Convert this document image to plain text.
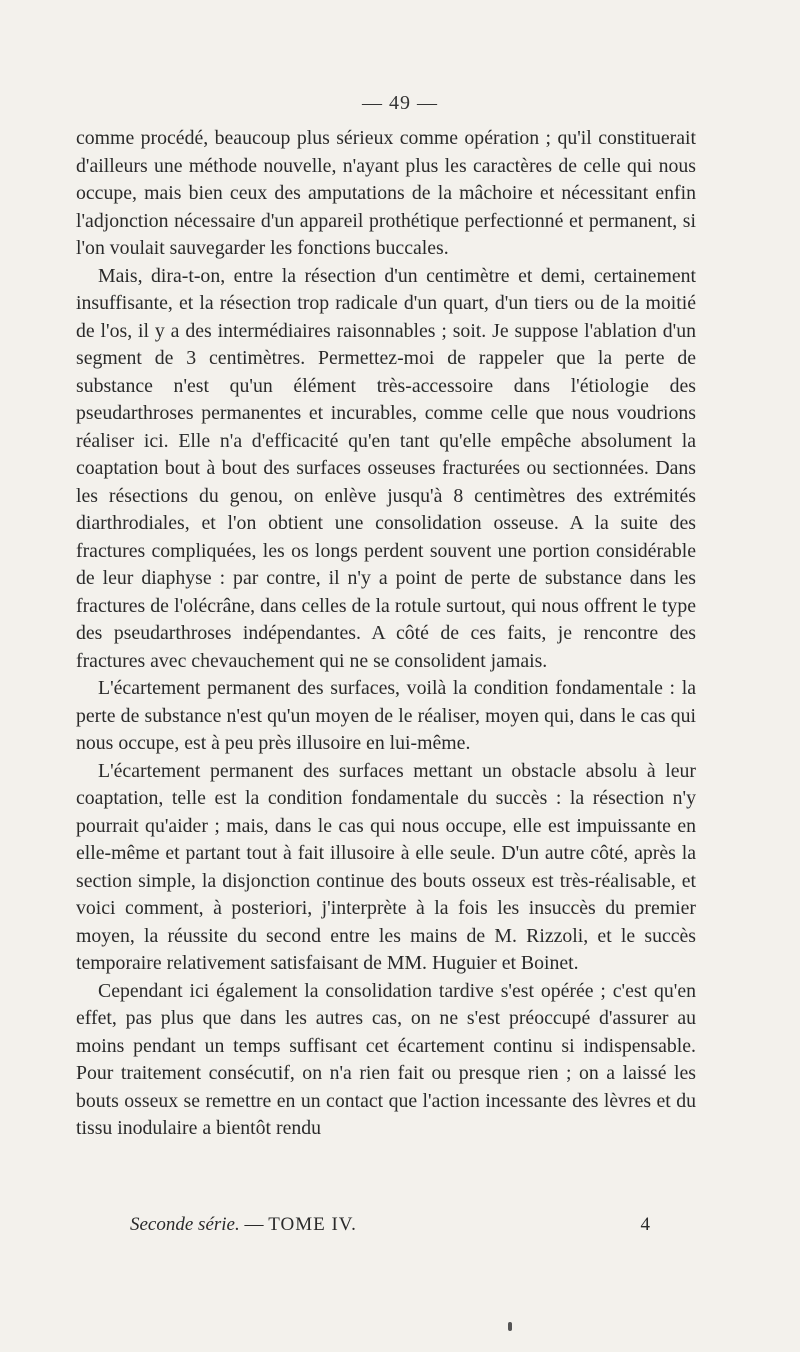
— 49 —

comme procédé, beaucoup plus sérieux comme opération ; qu'il constituerait d'ailleurs une méthode nouvelle, n'ayant plus les caractères de celle qui nous occupe, mais bien ceux des amputations de la mâchoire et nécessitant enfin l'adjonction nécessaire d'un appareil prothétique perfectionné et permanent, si l'on voulait sauvegarder les fonctions buccales.

Mais, dira-t-on, entre la résection d'un centimètre et demi, certainement insuffisante, et la résection trop radicale d'un quart, d'un tiers ou de la moitié de l'os, il y a des intermédiaires raisonnables ; soit. Je suppose l'ablation d'un segment de 3 centimètres. Permettez-moi de rappeler que la perte de substance n'est qu'un élément très-accessoire dans l'étiologie des pseudarthroses permanentes et incurables, comme celle que nous voudrions réaliser ici. Elle n'a d'efficacité qu'en tant qu'elle empêche absolument la coaptation bout à bout des surfaces osseuses fracturées ou sectionnées. Dans les résections du genou, on enlève jusqu'à 8 centimètres des extrémités diarthrodiales, et l'on obtient une consolidation osseuse. A la suite des fractures compliquées, les os longs perdent souvent une portion considérable de leur diaphyse : par contre, il n'y a point de perte de substance dans les fractures de l'olécrâne, dans celles de la rotule surtout, qui nous offrent le type des pseudarthroses indépendantes. A côté de ces faits, je rencontre des fractures avec chevauchement qui ne se consolident jamais.

L'écartement permanent des surfaces, voilà la condition fondamentale : la perte de substance n'est qu'un moyen de le réaliser, moyen qui, dans le cas qui nous occupe, est à peu près illusoire en lui-même.

L'écartement permanent des surfaces mettant un obstacle absolu à leur coaptation, telle est la condition fondamentale du succès : la résection n'y pourrait qu'aider ; mais, dans le cas qui nous occupe, elle est impuissante en elle-même et partant tout à fait illusoire à elle seule. D'un autre côté, après la section simple, la disjonction continue des bouts osseux est très-réalisable, et voici comment, à posteriori, j'interprète à la fois les insuccès du premier moyen, la réussite du second entre les mains de M. Rizzoli, et le succès temporaire relativement satisfaisant de MM. Huguier et Boinet.

Cependant ici également la consolidation tardive s'est opérée ; c'est qu'en effet, pas plus que dans les autres cas, on ne s'est préoccupé d'assurer au moins pendant un temps suffisant cet écartement continu si indispensable. Pour traitement consécutif, on n'a rien fait ou presque rien ; on a laissé les bouts osseux se remettre en un contact que l'action incessante des lèvres et du tissu inodulaire a bientôt rendu

Seconde série. — TOME IV.	4
